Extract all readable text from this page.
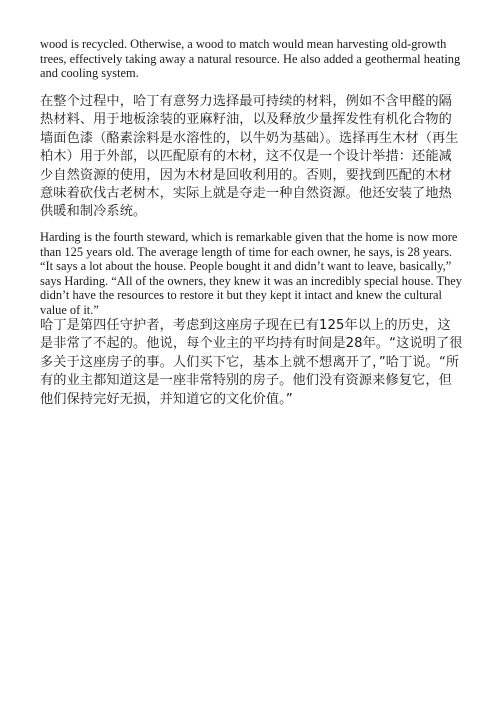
wood is recycled. Otherwise, a wood to match would mean harvesting old-growth trees, effectively taking away a natural resource. He also added a geothermal heating and cooling system.

在整个过程中，哈丁有意努力选择最可持续的材料，例如不含甲醛的隔热材料、用于地板涂装的亚麻籽油，以及释放少量挥发性有机化合物的墙面色漆（酪素涂料是水溶性的，以牛奶为基础）。选择再生木材（再生柏木）用于外部，以匹配原有的木材，这不仅是一个设计举措：还能减少自然资源的使用，因为木材是回收利用的。否则，要找到匹配的木材意味着砍伐古老树木，实际上就是夺走一种自然资源。他还安装了地热供暖和制冷系统。

Harding is the fourth steward, which is remarkable given that the home is now more than 125 years old. The average length of time for each owner, he says, is 28 years. “It says a lot about the house. People bought it and didn’t want to leave, basically,” says Harding. “All of the owners, they knew it was an incredibly special house. They didn’t have the resources to restore it but they kept it intact and knew the cultural value of it.”

哈丁是第四任守护者，考虑到这座房子现在已有125年以上的历史，这是非常了不起的。他说，每个业主的平均持有时间是28年。“这说明了很多关于这座房子的事。人们买下它，基本上就不想离开了，”哈丁说。“所有的业主都知道这是一座非常特别的房子。他们没有资源来修复它，但他们保持完好无损，并知道它的文化价值。”
